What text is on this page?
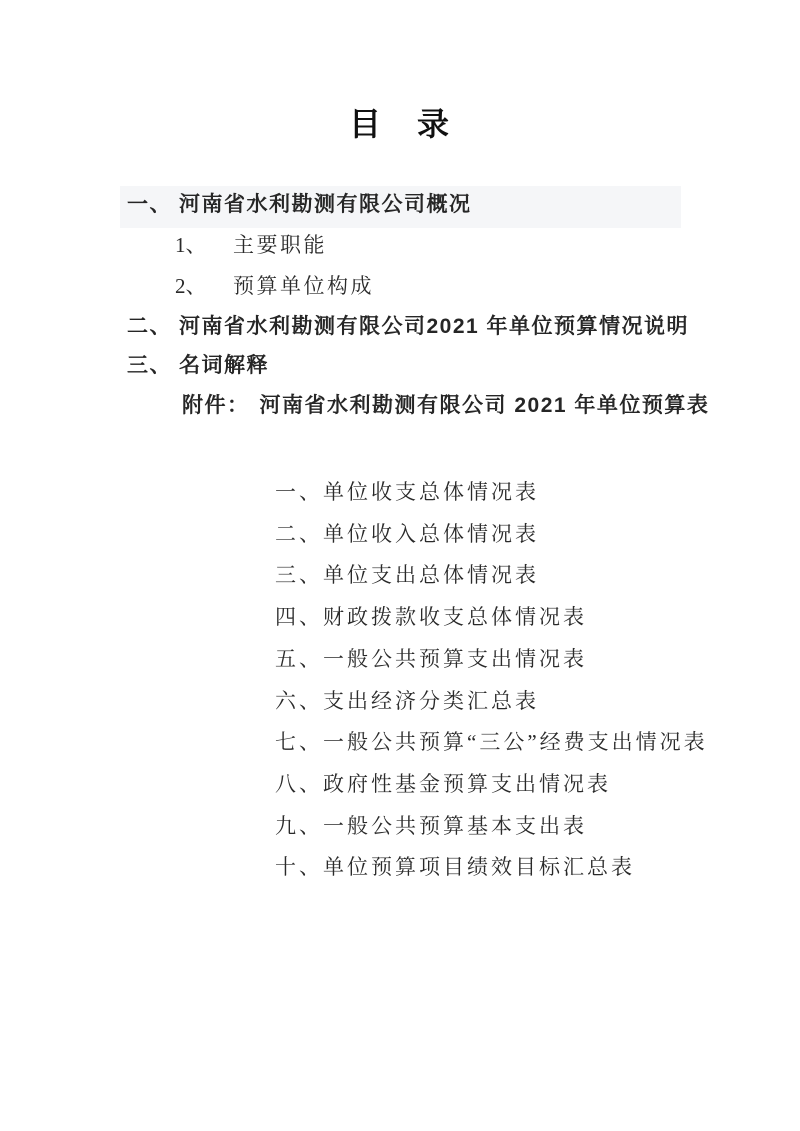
目　录
一、 河南省水利勘测有限公司概况
1、 主要职能
2、 预算单位构成
二、 河南省水利勘测有限公司2021 年单位预算情况说明
三、 名词解释
附件： 河南省水利勘测有限公司 2021 年单位预算表
一、单位收支总体情况表
二、单位收入总体情况表
三、单位支出总体情况表
四、财政拨款收支总体情况表
五、一般公共预算支出情况表
六、支出经济分类汇总表
七、一般公共预算“三公”经费支出情况表
八、政府性基金预算支出情况表
九、一般公共预算基本支出表
十、单位预算项目绩效目标汇总表
